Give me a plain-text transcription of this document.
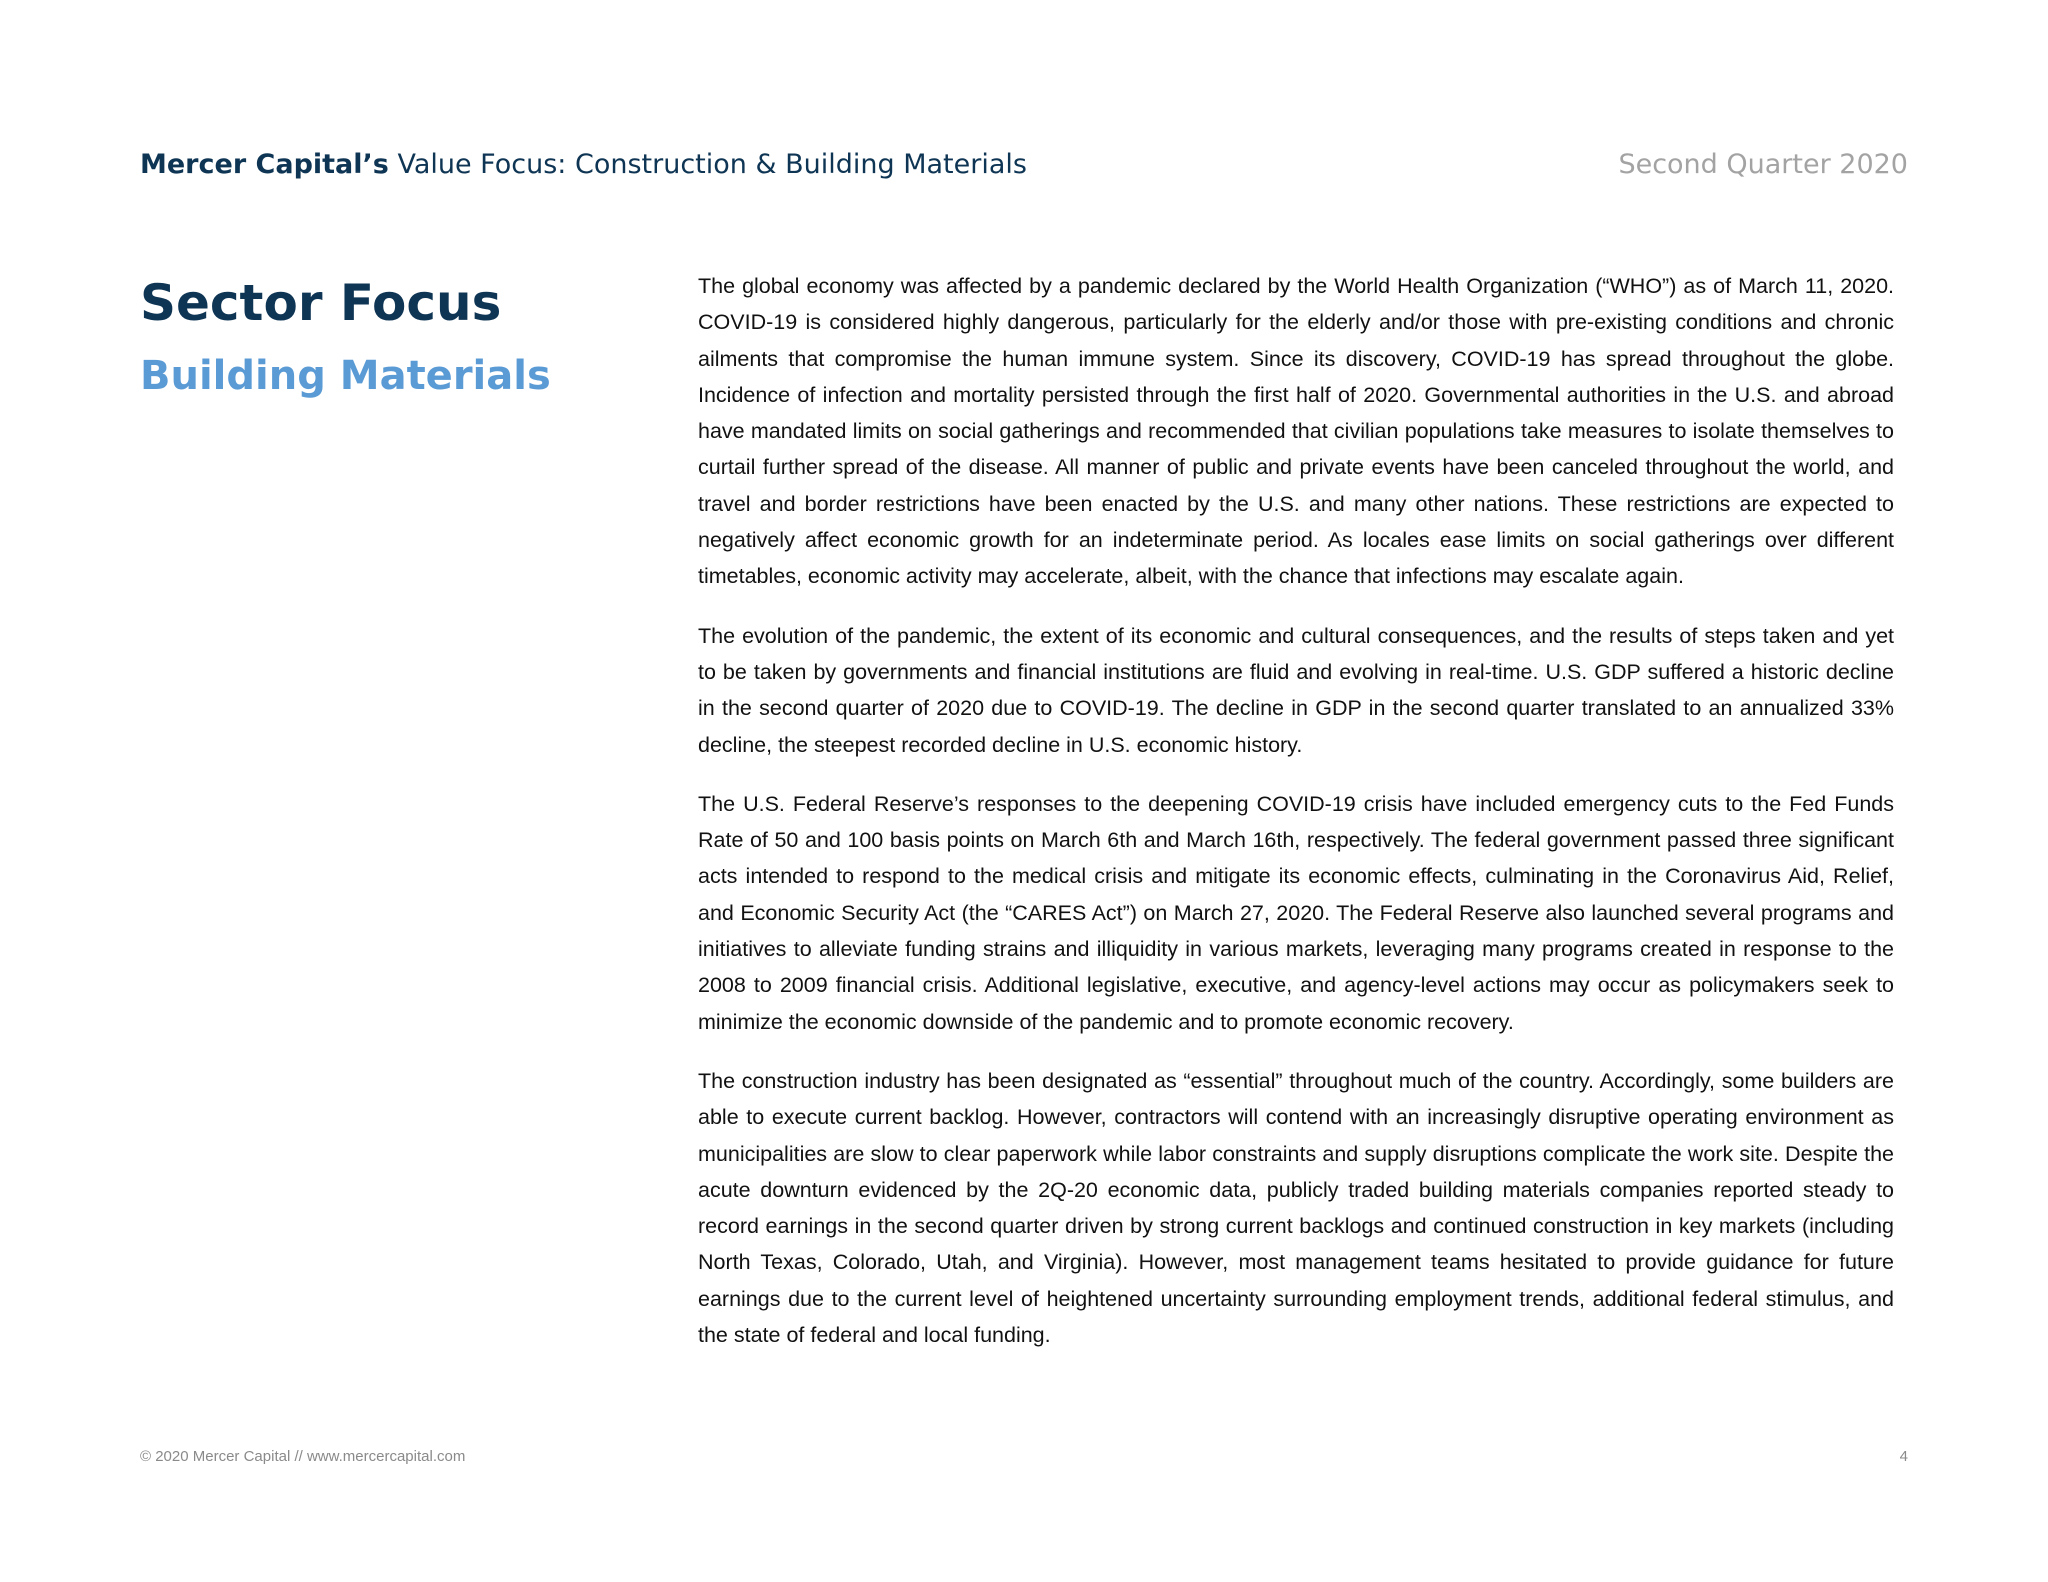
Mercer Capital’s Value Focus: Construction & Building Materials	Second Quarter 2020
Sector Focus
Building Materials

The global economy was affected by a pandemic declared by the World Health Organization (“WHO”) as of March 11, 2020. COVID-19 is considered highly dangerous, particularly for the elderly and/or those with pre-existing conditions and chronic ailments that compromise the human immune system. Since its discovery, COVID-19 has spread throughout the globe. Incidence of infection and mortality persisted through the first half of 2020. Governmental authorities in the U.S. and abroad have mandated limits on social gatherings and recommended that civilian populations take measures to isolate themselves to curtail further spread of the disease. All manner of public and private events have been canceled throughout the world, and travel and border restrictions have been enacted by the U.S. and many other nations. These restrictions are expected to negatively affect economic growth for an indeterminate period. As locales ease limits on social gatherings over different timetables, economic activity may accelerate, albeit, with the chance that infections may escalate again.

The evolution of the pandemic, the extent of its economic and cultural consequences, and the results of steps taken and yet to be taken by governments and financial institutions are fluid and evolving in real-time. U.S. GDP suffered a historic decline in the second quarter of 2020 due to COVID-19. The decline in GDP in the second quarter translated to an annualized 33% decline, the steepest recorded decline in U.S. economic history.

The U.S. Federal Reserve’s responses to the deepening COVID-19 crisis have included emergency cuts to the Fed Funds Rate of 50 and 100 basis points on March 6th and March 16th, respectively. The federal government passed three significant acts intended to respond to the medical crisis and mitigate its economic effects, culminating in the Coronavirus Aid, Relief, and Economic Security Act (the “CARES Act”) on March 27, 2020. The Federal Reserve also launched several programs and initiatives to alleviate funding strains and illiquidity in various markets, leveraging many programs created in response to the 2008 to 2009 financial crisis. Additional legislative, executive, and agency-level actions may occur as policymakers seek to minimize the economic downside of the pandemic and to promote economic recovery.

The construction industry has been designated as “essential” throughout much of the country. Accordingly, some builders are able to execute current backlog. However, contractors will contend with an increasingly disruptive operating environment as municipalities are slow to clear paperwork while labor constraints and supply disruptions complicate the work site. Despite the acute downturn evidenced by the 2Q-20 economic data, publicly traded building materials companies reported steady to record earnings in the second quarter driven by strong current backlogs and continued construction in key markets (including North Texas, Colorado, Utah, and Virginia). However, most management teams hesitated to provide guidance for future earnings due to the current level of heightened uncertainty surrounding employment trends, additional federal stimulus, and the state of federal and local funding.

© 2020 Mercer Capital // www.mercercapital.com	4
